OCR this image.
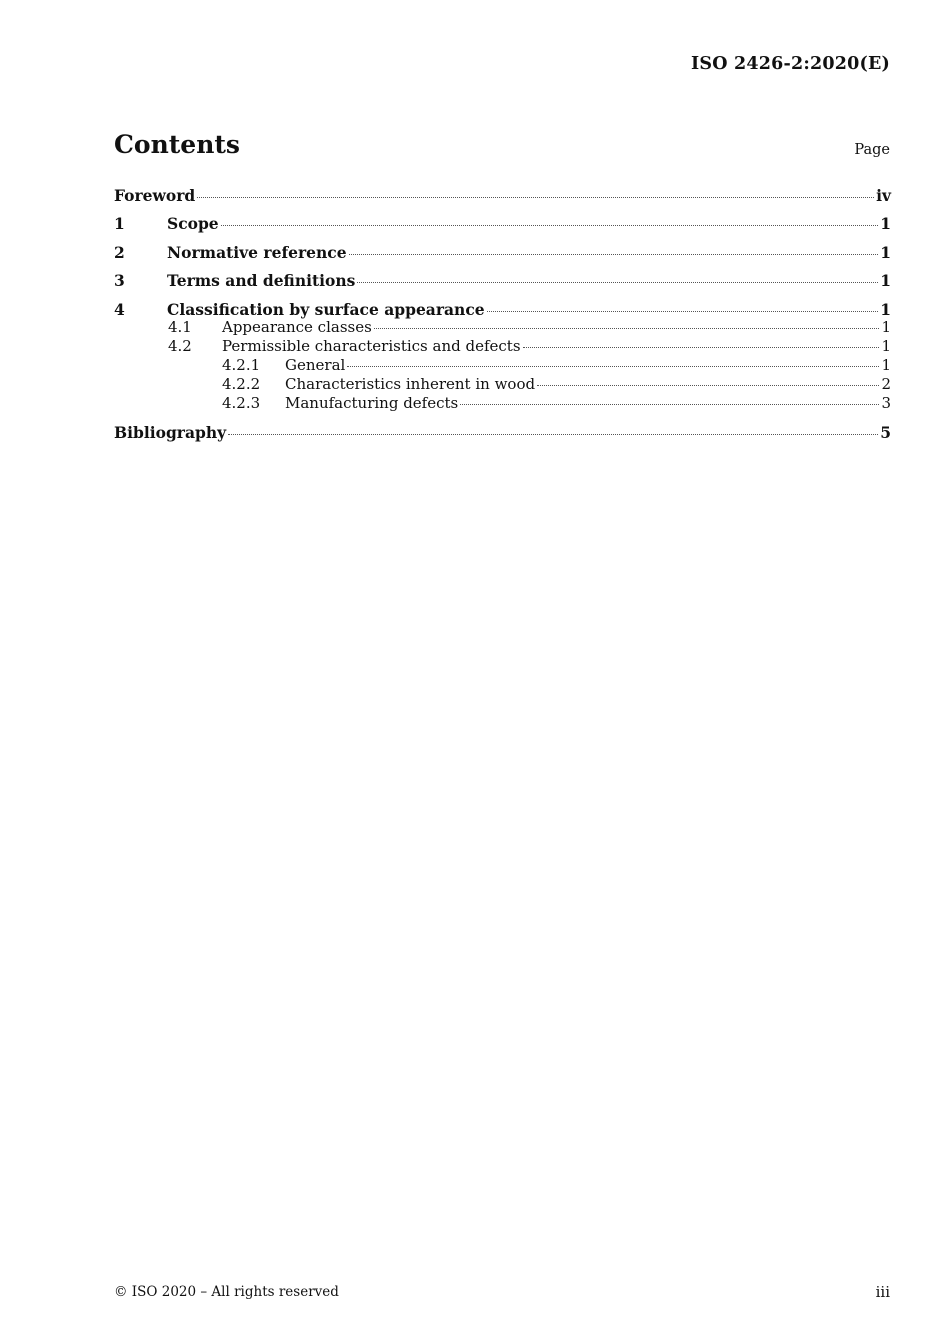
ISO 2426-2:2020(E)
Contents	Page
Foreword	iv
1	Scope	1
2	Normative reference	1
3	Terms and definitions	1
4	Classification by surface appearance	1
4.1	Appearance classes	1
4.2	Permissible characteristics and defects	1
4.2.1	General	1
4.2.2	Characteristics inherent in wood	2
4.2.3	Manufacturing defects	3
Bibliography	5
© ISO 2020 – All rights reserved	iii
